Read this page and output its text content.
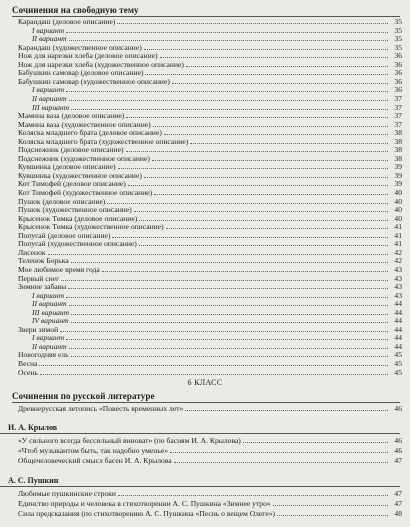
Сочинения на свободную тему
Карандаш (деловое описание)	35
I вариант	35
II вариант	35
Карандаш (художественное описание)	35
Нож для нарезки хлеба (деловое описание)	36
Нож для нарезки хлеба (художественное описание)	36
Бабушкин самовар (деловое описание)	36
Бабушкин самовар (художественное описание)	36
I вариант	36
II вариант	37
III вариант	37
Мамина ваза (деловое описание)	37
Мамина ваза (художественное описание)	37
Коляска младшего брата (деловое описание)	38
Коляска младшего брата (художественное описание)	38
Подснежник (деловое описание)	38
Подснежник (художественное описание)	38
Кувшинка (деловое описание)	39
Кувшинка (художественное описание)	39
Кот Тимофей (деловое описание)	39
Кот Тимофей (художественное описание)	40
Пушок (деловое описание)	40
Пушок (художественное описание)	40
Крысенок Тимка (деловое описание)	40
Крысенок Тимка (художественное описание)	41
Попугай (деловое описание)	41
Попугай (художественное описание)	41
Лисенок	42
Теленок Борька	42
Мое любимое время года	43
Первый снег	43
Зимние забавы	43
I вариант	43
II вариант	44
III вариант	44
IV вариант	44
Звери зимой	44
I вариант	44
II вариант	44
Новогодняя ель	45
Весна	45
Осень	45
6 КЛАСС
Сочинения по русской литературе
Древнерусская летопись «Повесть временных лет»	46
И. А. Крылов
«У сильного всегда бессильный виноват» (по басням И. А. Крылова)	46
«Чтоб музыкантом быть, так надобно уменье»	46
Общечеловеческий смысл басен И. А. Крылова	47
А. С. Пушкин
Любимые пушкинские строки	47
Единство природы и человека в стихотворении А. С. Пушкина «Зимнее утро»	47
Сила предсказания (по стихотворению А. С. Пушкина «Песнь о вещем Олеге»)	48
